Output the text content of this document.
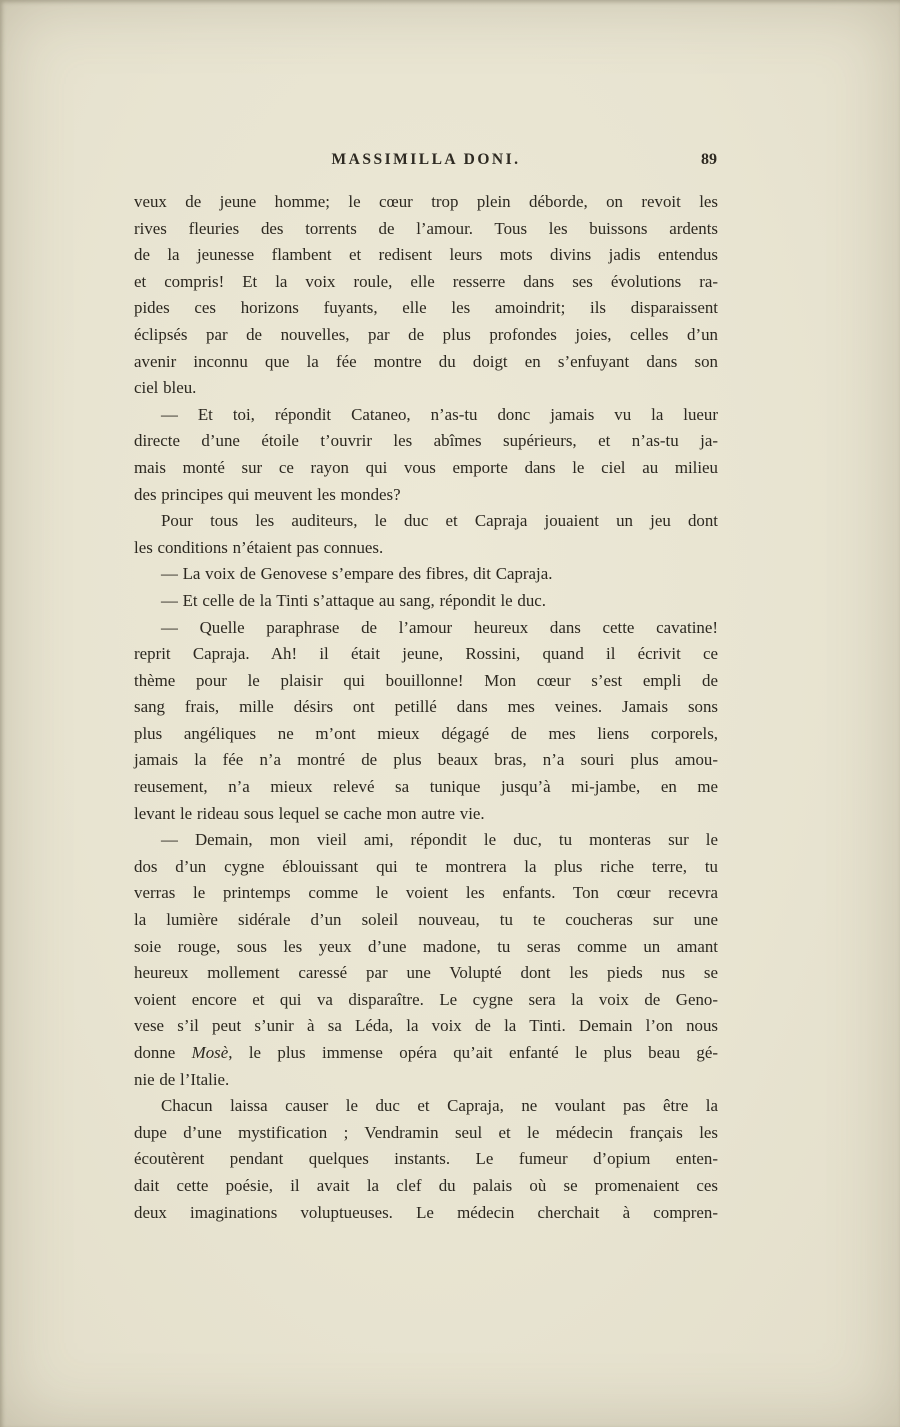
MASSIMILLA DONI.	89
veux de jeune homme; le cœur trop plein déborde, on revoit les
rives fleuries des torrents de l’amour. Tous les buissons ardents
de la jeunesse flambent et redisent leurs mots divins jadis entendus
et compris! Et la voix roule, elle resserre dans ses évolutions ra-
pides ces horizons fuyants, elle les amoindrit; ils disparaissent
éclipsés par de nouvelles, par de plus profondes joies, celles d’un
avenir inconnu que la fée montre du doigt en s’enfuyant dans son
ciel bleu.
— Et toi, répondit Cataneo, n’as-tu donc jamais vu la lueur
directe d’une étoile t’ouvrir les abîmes supérieurs, et n’as-tu ja-
mais monté sur ce rayon qui vous emporte dans le ciel au milieu
des principes qui meuvent les mondes?
Pour tous les auditeurs, le duc et Capraja jouaient un jeu dont
les conditions n’étaient pas connues.
— La voix de Genovese s’empare des fibres, dit Capraja.
— Et celle de la Tinti s’attaque au sang, répondit le duc.
— Quelle paraphrase de l’amour heureux dans cette cavatine!
reprit Capraja. Ah! il était jeune, Rossini, quand il écrivit ce
thème pour le plaisir qui bouillonne! Mon cœur s’est empli de
sang frais, mille désirs ont petillé dans mes veines. Jamais sons
plus angéliques ne m’ont mieux dégagé de mes liens corporels,
jamais la fée n’a montré de plus beaux bras, n’a souri plus amou-
reusement, n’a mieux relevé sa tunique jusqu’à mi-jambe, en me
levant le rideau sous lequel se cache mon autre vie.
— Demain, mon vieil ami, répondit le duc, tu monteras sur le
dos d’un cygne éblouissant qui te montrera la plus riche terre, tu
verras le printemps comme le voient les enfants. Ton cœur recevra
la lumière sidérale d’un soleil nouveau, tu te coucheras sur une
soie rouge, sous les yeux d’une madone, tu seras comme un amant
heureux mollement caressé par une Volupté dont les pieds nus se
voient encore et qui va disparaître. Le cygne sera la voix de Geno-
vese s’il peut s’unir à sa Léda, la voix de la Tinti. Demain l’on nous
donne Mosè, le plus immense opéra qu’ait enfanté le plus beau gé-
nie de l’Italie.
Chacun laissa causer le duc et Capraja, ne voulant pas être la
dupe d’une mystification ; Vendramin seul et le médecin français les
écoutèrent pendant quelques instants. Le fumeur d’opium enten-
dait cette poésie, il avait la clef du palais où se promenaient ces
deux imaginations voluptueuses. Le médecin cherchait à compren-
